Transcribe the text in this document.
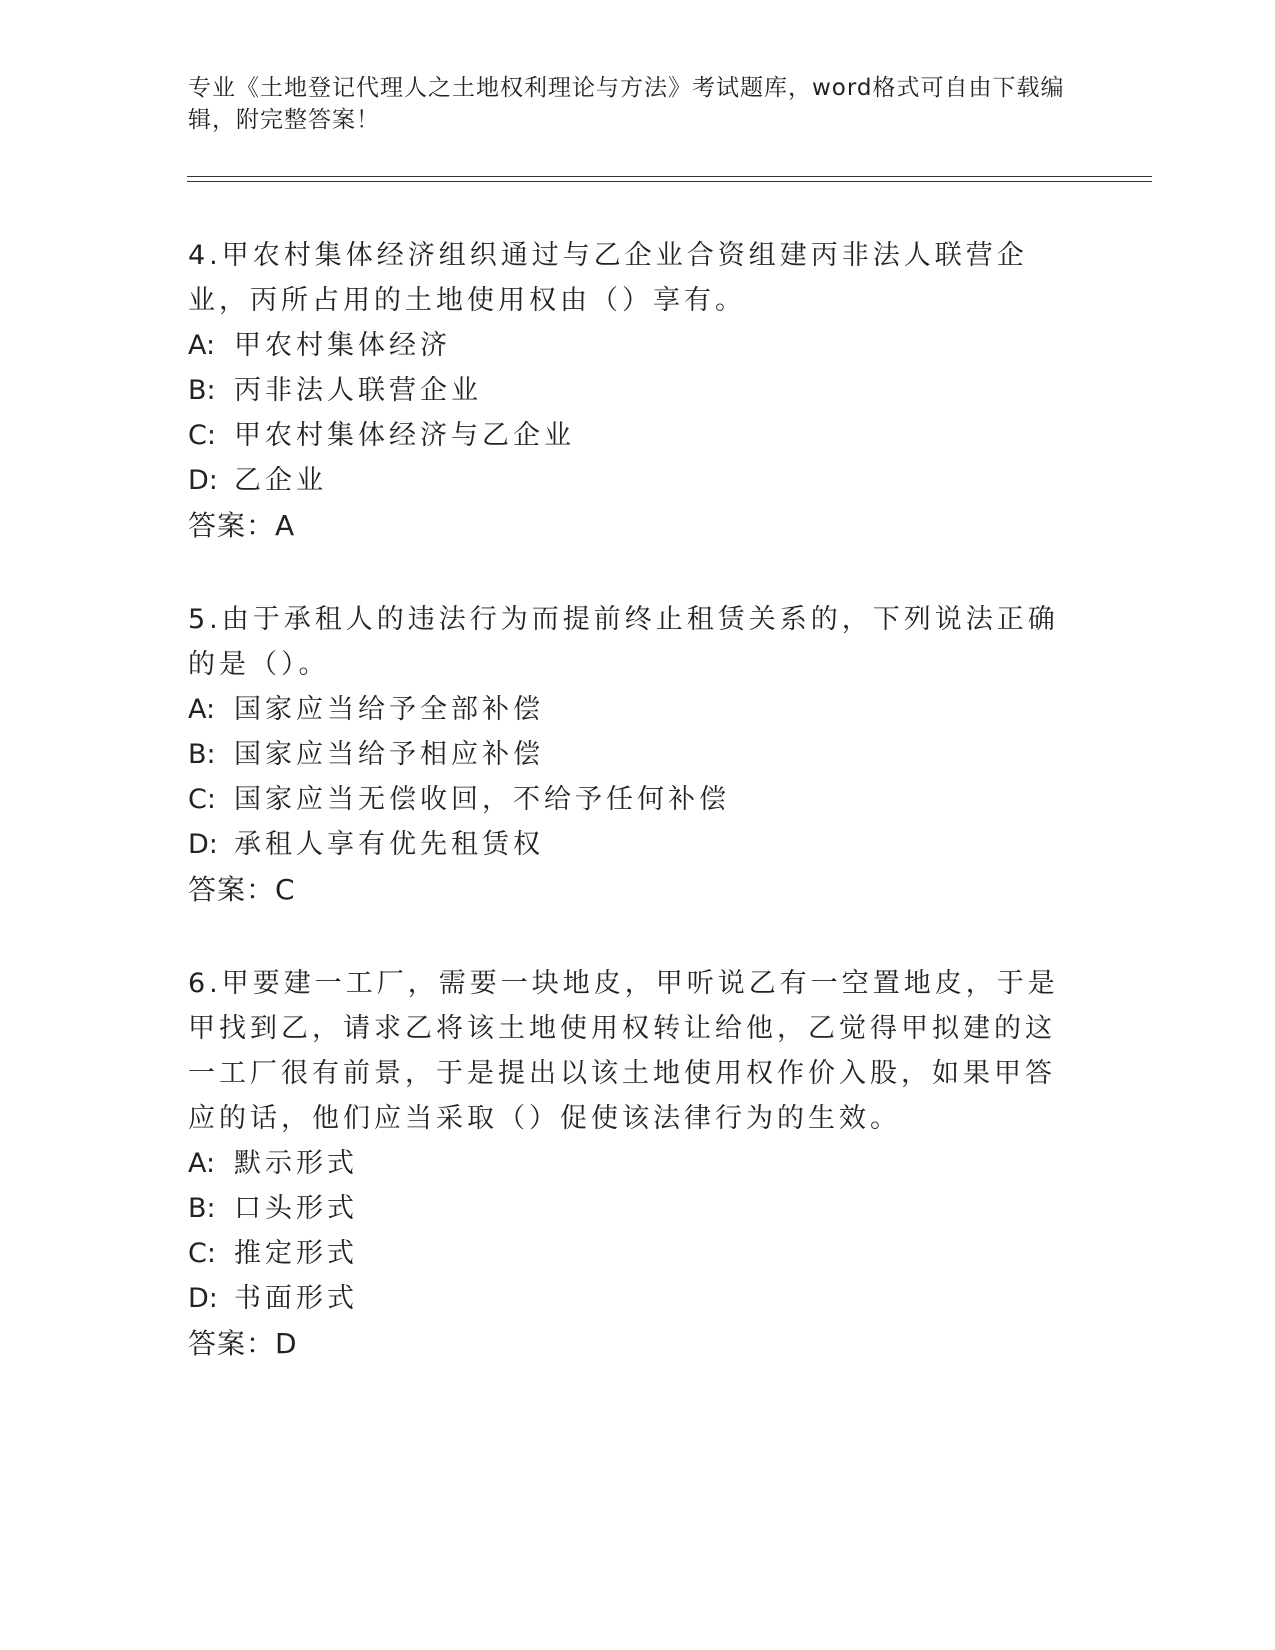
专业《土地登记代理人之土地权利理论与方法》考试题库，word格式可自由下载编辑，附完整答案！

4.甲农村集体经济组织通过与乙企业合资组建丙非法人联营企业，丙所占用的土地使用权由（）享有。

A: 甲农村集体经济
B: 丙非法人联营企业
C: 甲农村集体经济与乙企业
D: 乙企业
答案：A

5.由于承租人的违法行为而提前终止租赁关系的，下列说法正确的是（）。

A: 国家应当给予全部补偿
B: 国家应当给予相应补偿
C: 国家应当无偿收回，不给予任何补偿
D: 承租人享有优先租赁权
答案：C

6.甲要建一工厂，需要一块地皮，甲听说乙有一空置地皮，于是甲找到乙，请求乙将该土地使用权转让给他，乙觉得甲拟建的这一工厂很有前景，于是提出以该土地使用权作价入股，如果甲答应的话，他们应当采取（）促使该法律行为的生效。

A: 默示形式
B: 口头形式
C: 推定形式
D: 书面形式
答案：D
